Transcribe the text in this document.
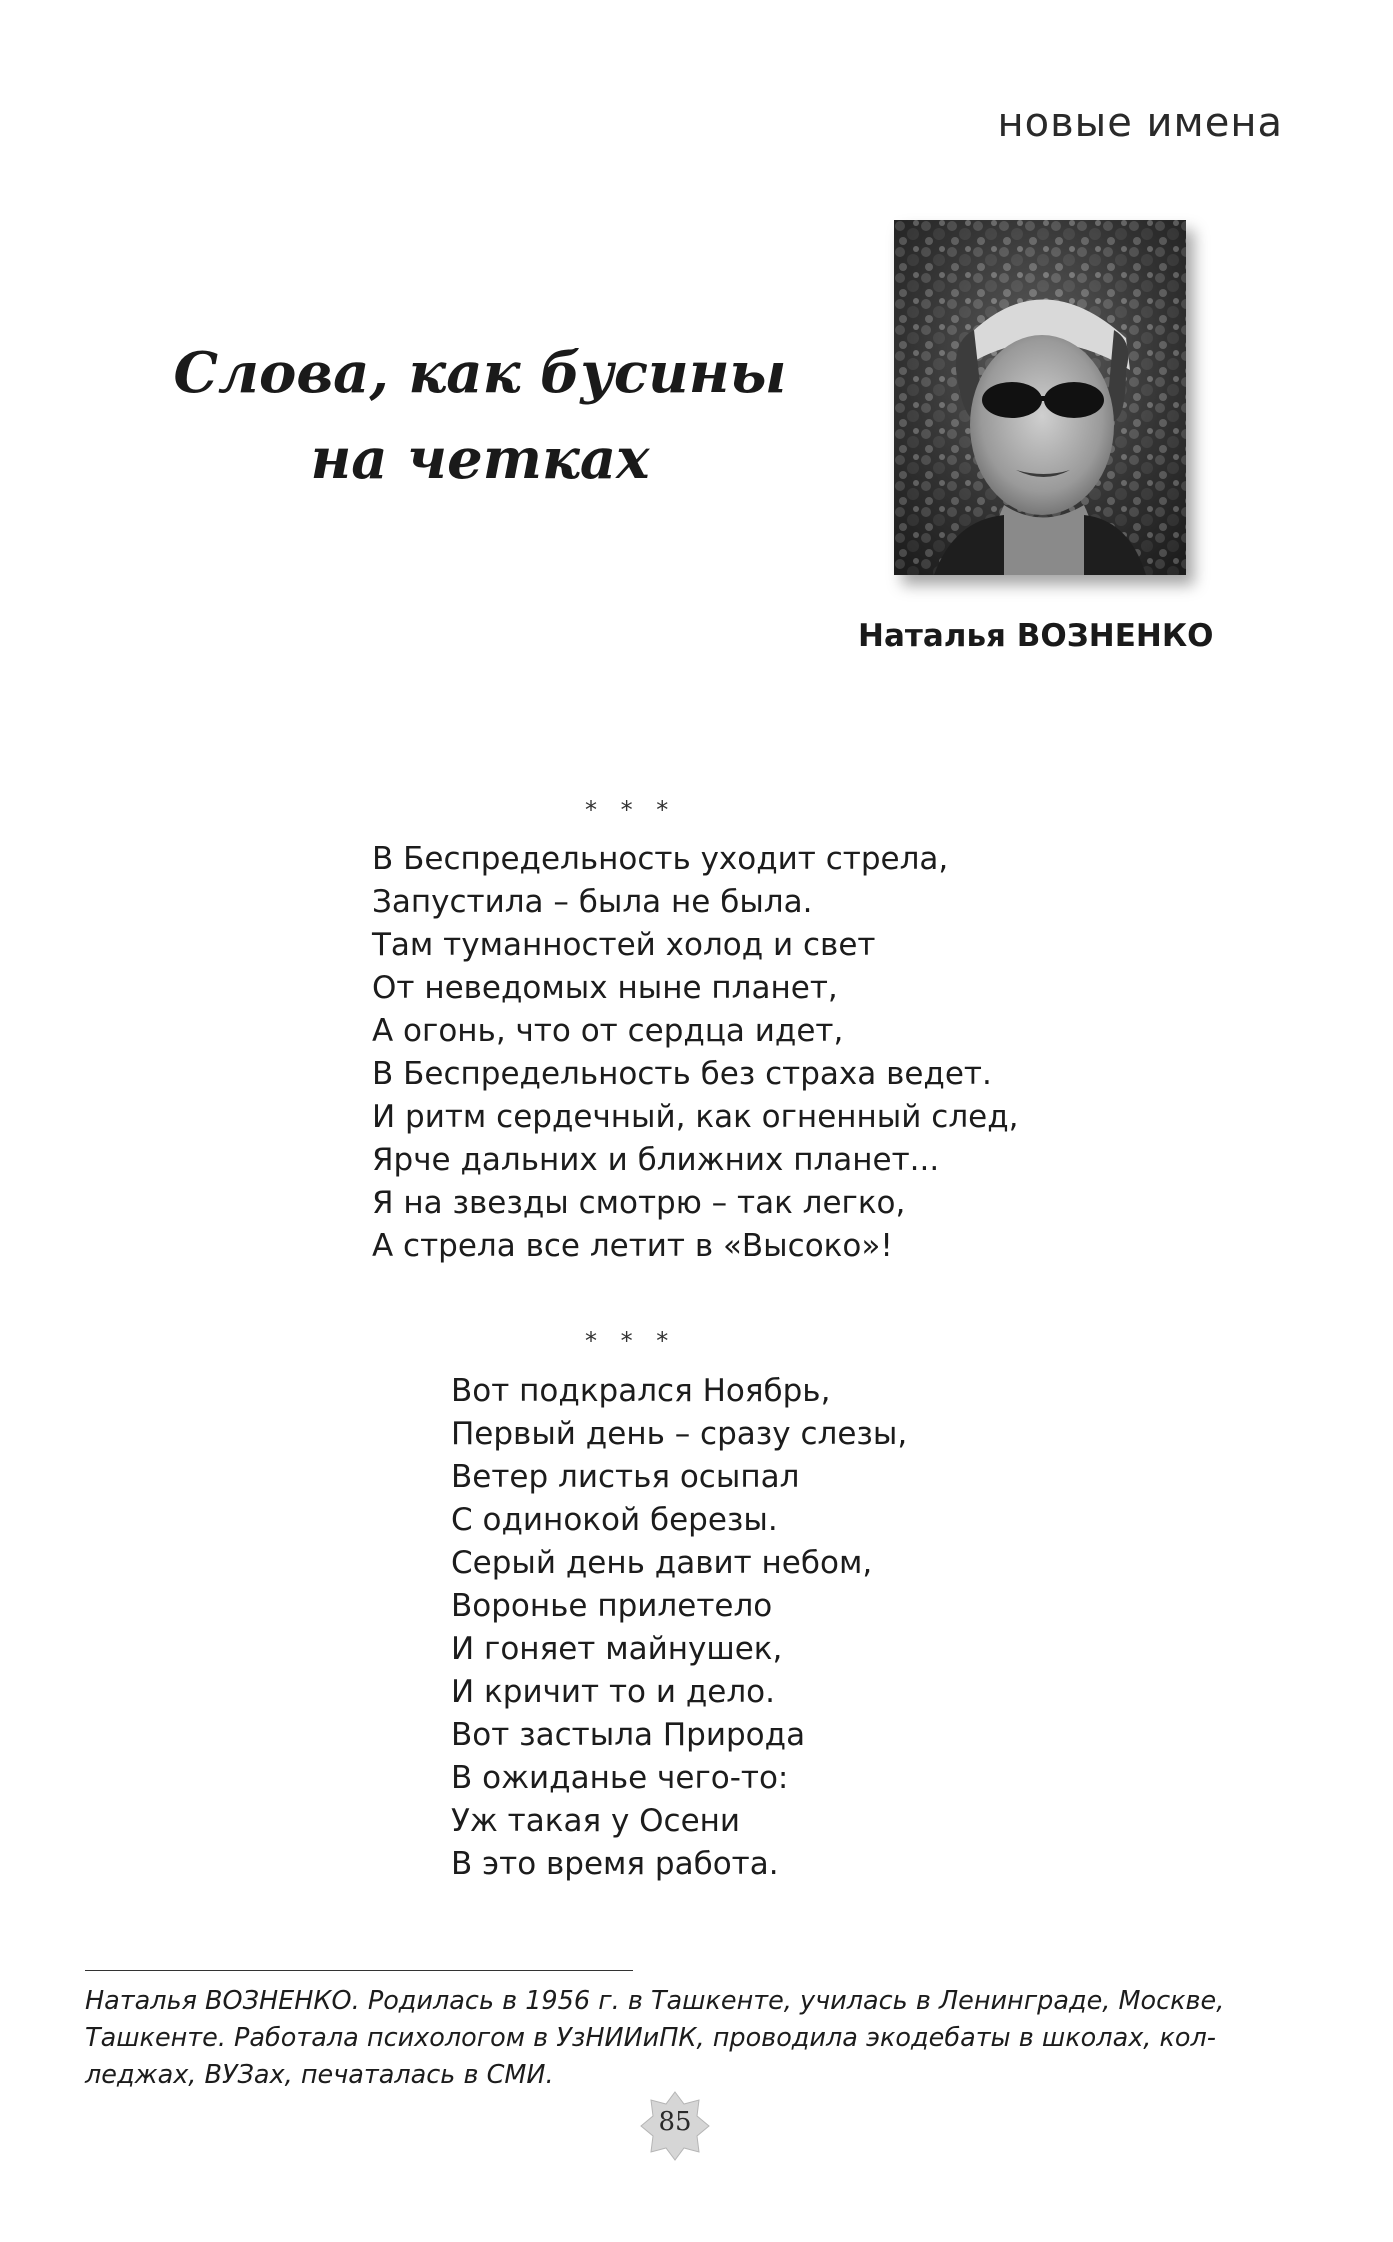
новые имена
Слова, как бусины
на четках
Наталья ВОЗНЕНКО
* * *
В Беспредельность уходит стрела,
Запустила – была не была.
Там туманностей холод и свет
От неведомых ныне планет,
А огонь, что от сердца идет,
В Беспредельность без страха ведет.
И ритм сердечный, как огненный след,
Ярче дальних и ближних планет...
Я на звезды смотрю – так легко,
А стрела все летит в «Высоко»!
* * *
Вот подкрался Ноябрь,
Первый день – сразу слезы,
Ветер листья осыпал
С одинокой березы.
Серый день давит небом,
Воронье прилетело
И гоняет майнушек,
И кричит то и дело.
Вот застыла Природа
В ожиданье чего-то:
Уж такая у Осени
В это время работа.
Наталья ВОЗНЕНКО. Родилась в 1956 г. в Ташкенте, училась в Ленинграде, Москве,
Ташкенте. Работала психологом в УзНИИиПК, проводила экодебаты в школах, кол-
леджах, ВУЗах, печаталась в СМИ.
85
